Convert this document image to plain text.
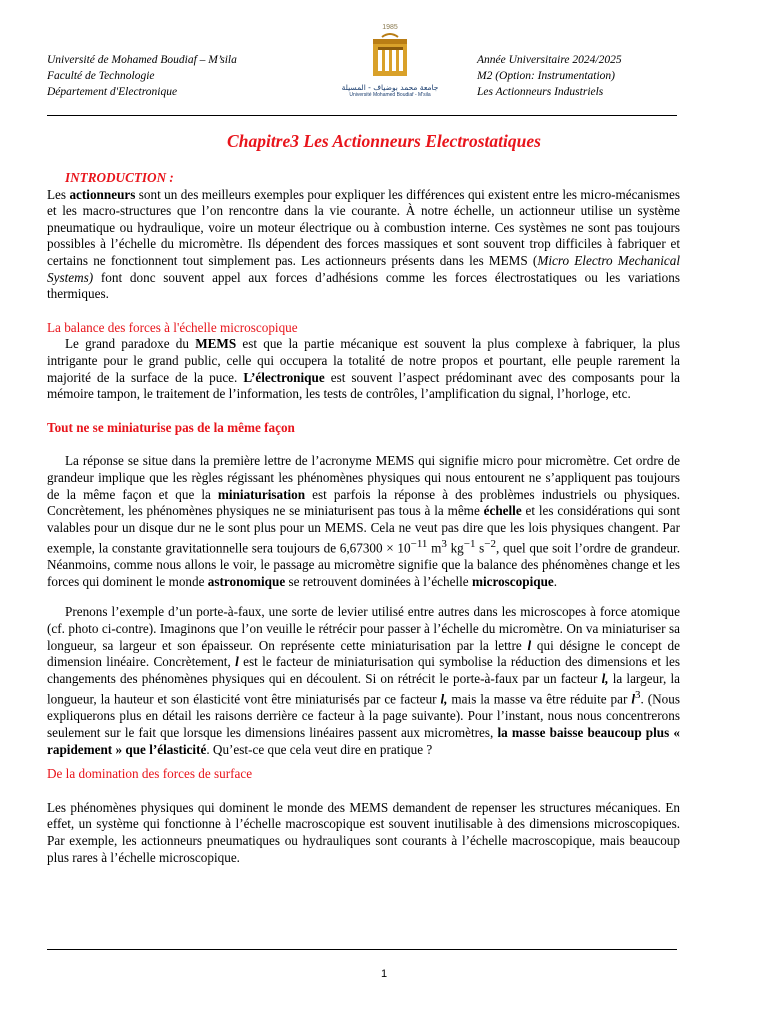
Université de Mohamed Boudiaf – M’sila
Faculté de Technologie
Département d'Electronique
1985
جامعة محمد بوضياف - المسيلة
Université Mohamed Boudiaf - M'sila
Année Universitaire 2024/2025
M2 (Option: Instrumentation)
Les Actionneurs Industriels
Chapitre3 Les Actionneurs Electrostatiques

INTRODUCTION :

Les actionneurs sont un des meilleurs exemples pour expliquer les différences qui existent entre les micro-mécanismes et les macro-structures que l’on rencontre dans la vie courante. À notre échelle, un actionneur utilise un système pneumatique ou hydraulique, voire un moteur électrique ou à combustion interne. Ces systèmes ne sont pas toujours possibles à l’échelle du micromètre. Ils dépendent des forces massiques et sont souvent trop difficiles à fabriquer et certains ne fonctionnent tout simplement pas. Les actionneurs présents dans les MEMS (Micro Electro Mechanical Systems) font donc souvent appel aux forces d’adhésions comme les forces électrostatiques ou les variations thermiques.

La balance des forces à l'échelle microscopique

Le grand paradoxe du MEMS est que la partie mécanique est souvent la plus complexe à fabriquer, la plus intrigante pour le grand public, celle qui occupera la totalité de notre propos et pourtant, elle peuple rarement la majorité de la surface de la puce. L’électronique est souvent l’aspect prédominant avec des composants pour la mémoire tampon, le traitement de l’information, les tests de contrôles, l’amplification du signal, l’horloge, etc.

Tout ne se miniaturise pas de la même façon

La réponse se situe dans la première lettre de l’acronyme MEMS qui signifie micro pour micromètre. Cet ordre de grandeur implique que les règles régissant les phénomènes physiques qui nous entourent ne s’appliquent pas toujours de la même façon et que la miniaturisation est parfois la réponse à des problèmes industriels ou physiques. Concrètement, les phénomènes physiques ne se miniaturisent pas tous à la même échelle et les considérations qui sont valables pour un disque dur ne le sont plus pour un MEMS. Cela ne veut pas dire que les lois physiques changent. Par exemple, la constante gravitationnelle sera toujours de $6,67300 \times 10^{-11}$ $m^3$ $kg^{-1}$ $s^{-2}$, quel que soit l’ordre de grandeur. Néanmoins, comme nous allons le voir, le passage au micromètre signifie que la balance des phénomènes change et les forces qui dominent le monde astronomique se retrouvent dominées à l’échelle microscopique.

Prenons l’exemple d’un porte-à-faux, une sorte de levier utilisé entre autres dans les microscopes à force atomique (cf. photo ci-contre). Imaginons que l’on veuille le rétrécir pour passer à l’échelle du micromètre. On va miniaturiser sa longueur, sa largeur et son épaisseur. On représente cette miniaturisation par la lettre l qui désigne le concept de dimension linéaire. Concrètement, l est le facteur de miniaturisation qui symbolise la réduction des dimensions et les changements des phénomènes physiques qui en découlent. Si on rétrécit le porte-à-faux par un facteur l, la largeur, la longueur, la hauteur et son élasticité vont être miniaturisés par ce facteur l, mais la masse va être réduite par $l^3$. (Nous expliquerons plus en détail les raisons derrière ce facteur à la page suivante). Pour l’instant, nous nous concentrerons seulement sur le fait que lorsque les dimensions linéaires passent aux micromètres, la masse baisse beaucoup plus « rapidement » que l’élasticité. Qu’est-ce que cela veut dire en pratique ?

De la domination des forces de surface

Les phénomènes physiques qui dominent le monde des MEMS demandent de repenser les structures mécaniques. En effet, un système qui fonctionne à l’échelle macroscopique est souvent inutilisable à des dimensions microscopiques. Par exemple, les actionneurs pneumatiques ou hydrauliques sont courants à l’échelle macroscopique, mais beaucoup plus rares à l’échelle microscopique.

1
